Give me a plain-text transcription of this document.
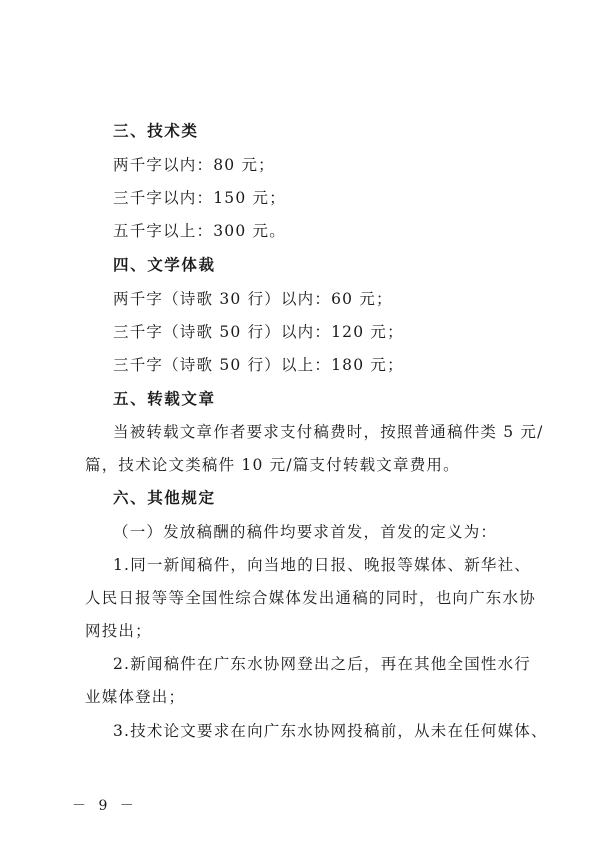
三、技术类
两千字以内：80 元；
三千字以内：150 元；
五千字以上：300 元。
四、文学体裁
两千字（诗歌 30 行）以内：60 元；
三千字（诗歌 50 行）以内：120 元；
三千字（诗歌 50 行）以上：180 元；
五、转载文章
当被转载文章作者要求支付稿费时，按照普通稿件类 5 元/
篇，技术论文类稿件 10 元/篇支付转载文章费用。
六、其他规定
（一）发放稿酬的稿件均要求首发，首发的定义为：
1.同一新闻稿件，向当地的日报、晚报等媒体、新华社、
人民日报等等全国性综合媒体发出通稿的同时，也向广东水协
网投出；
2.新闻稿件在广东水协网登出之后，再在其他全国性水行
业媒体登出；
3.技术论文要求在向广东水协网投稿前，从未在任何媒体、
－ 9 －
